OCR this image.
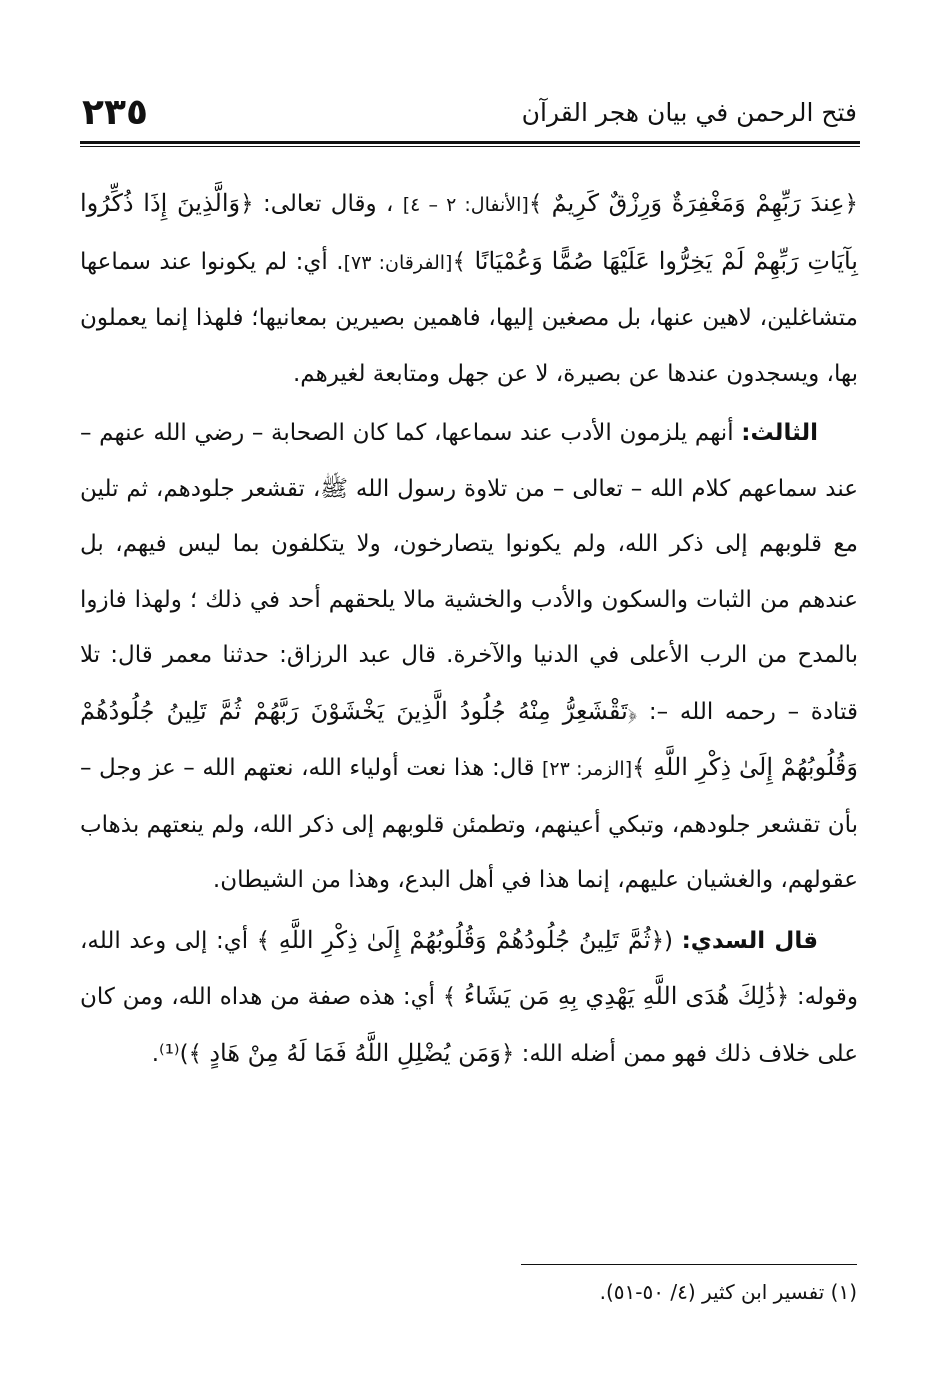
فتح الرحمن في بيان هجر القرآن
٢٣٥

﴿عِندَ رَبِّهِمْ وَمَغْفِرَةٌ وَرِزْقٌ كَرِيمٌ ﴾[الأنفال: ٢ – ٤] ، وقال تعالى: ﴿وَالَّذِينَ إِذَا ذُكِّرُوا بِآيَاتِ رَبِّهِمْ لَمْ يَخِرُّوا عَلَيْهَا صُمًّا وَعُمْيَانًا ﴾[الفرقان: ٧٣]. أي: لم يكونوا عند سماعها متشاغلين، لاهين عنها، بل مصغين إليها، فاهمين بصيرين بمعانيها؛ فلهذا إنما يعملون بها، ويسجدون عندها عن بصيرة، لا عن جهل ومتابعة لغيرهم.

الثالث: أنهم يلزمون الأدب عند سماعها، كما كان الصحابة – رضي الله عنهم – عند سماعهم كلام الله – تعالى – من تلاوة رسول الله ﷺ، تقشعر جلودهم، ثم تلين مع قلوبهم إلى ذكر الله، ولم يكونوا يتصارخون، ولا يتكلفون بما ليس فيهم، بل عندهم من الثبات والسكون والأدب والخشية مالا يلحقهم أحد في ذلك ؛ ولهذا فازوا بالمدح من الرب الأعلى في الدنيا والآخرة. قال عبد الرزاق: حدثنا معمر قال: تلا قتادة – رحمه الله –: ﴿تَقْشَعِرُّ مِنْهُ جُلُودُ الَّذِينَ يَخْشَوْنَ رَبَّهُمْ ثُمَّ تَلِينُ جُلُودُهُمْ وَقُلُوبُهُمْ إِلَىٰ ذِكْرِ اللَّهِ ﴾[الزمر: ٢٣] قال: هذا نعت أولياء الله، نعتهم الله – عز وجل – بأن تقشعر جلودهم، وتبكي أعينهم، وتطمئن قلوبهم إلى ذكر الله، ولم ينعتهم بذهاب عقولهم، والغشيان عليهم، إنما هذا في أهل البدع، وهذا من الشيطان.

قال السدي: (﴿ثُمَّ تَلِينُ جُلُودُهُمْ وَقُلُوبُهُمْ إِلَىٰ ذِكْرِ اللَّهِ ﴾ أي: إلى وعد الله، وقوله: ﴿ذَٰلِكَ هُدَى اللَّهِ يَهْدِي بِهِ مَن يَشَاءُ ﴾ أي: هذه صفة من هداه الله، ومن كان على خلاف ذلك فهو ممن أضله الله: ﴿وَمَن يُضْلِلِ اللَّهُ فَمَا لَهُ مِنْ هَادٍ ﴾)⁽¹⁾.

(١) تفسير ابن كثير (٤/ ٥٠-٥١).
